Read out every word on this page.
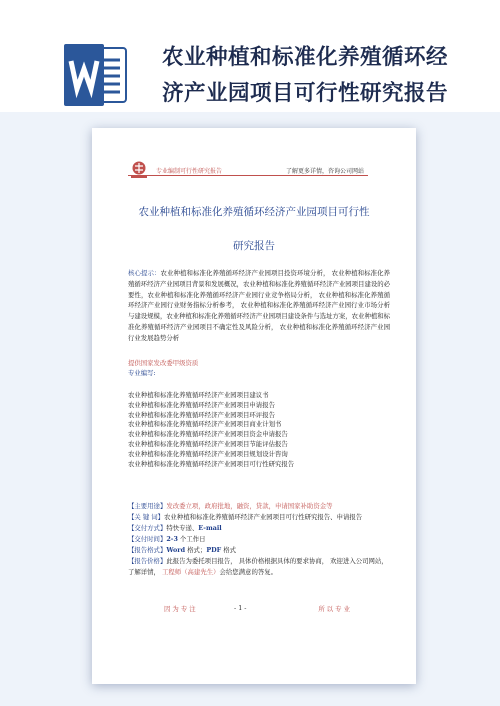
农业种植和标准化养殖循环经
济产业园项目可行性研究报告
专业编制可行性研究报告	了解更多详情，咨询公司网站
农业种植和标准化养殖循环经济产业园项目可行性
研究报告
核心提示：农业种植和标准化养殖循环经济产业园项目投资环境分析， 农业种植和标准化养殖循环经济产业园项目背景和发展概况，农业种植和标准化养殖循环经济产业园项目建设的必要性，农业种植和标准化养殖循环经济产业园行业竞争格局分析， 农业种植和标准化养殖循环经济产业园行业财务指标分析参考， 农业种植和标准化养殖循环经济产业园行业市场分析与建设规模，农业种植和标准化养殖循环经济产业园项目建设条件与选址方案，农业种植和标准化养殖循环经济产业园项目不确定性及风险分析， 农业种植和标准化养殖循环经济产业园行业发展趋势分析
提供国家发改委甲级资质
专业编写:
农业种植和标准化养殖循环经济产业园项目建议书
农业种植和标准化养殖循环经济产业园项目申请报告
农业种植和标准化养殖循环经济产业园项目环评报告
农业种植和标准化养殖循环经济产业园项目商业计划书
农业种植和标准化养殖循环经济产业园项目资金申请报告
农业种植和标准化养殖循环经济产业园项目节能评估报告
农业种植和标准化养殖循环经济产业园项目规划设计咨询
农业种植和标准化养殖循环经济产业园项目可行性研究报告

【主要用途】发改委立项，政府批地，融资，贷款，申请国家补助资金等

【关 键 词】农业种植和标准化养殖循环经济产业园项目可行性研究报告、申请报告

【交付方式】特快专递、E-mail

【交付时间】2-3 个工作日

【报告格式】Word 格式；PDF 格式

【报告价格】此报告为委托项目报告， 具体价格根据具体的要求协商， 欢迎进入公司网站， 了解详情， 工程师（高建先生）会给您满意的答复。

因 为 专 注	- 1 -	所 以 专 业
